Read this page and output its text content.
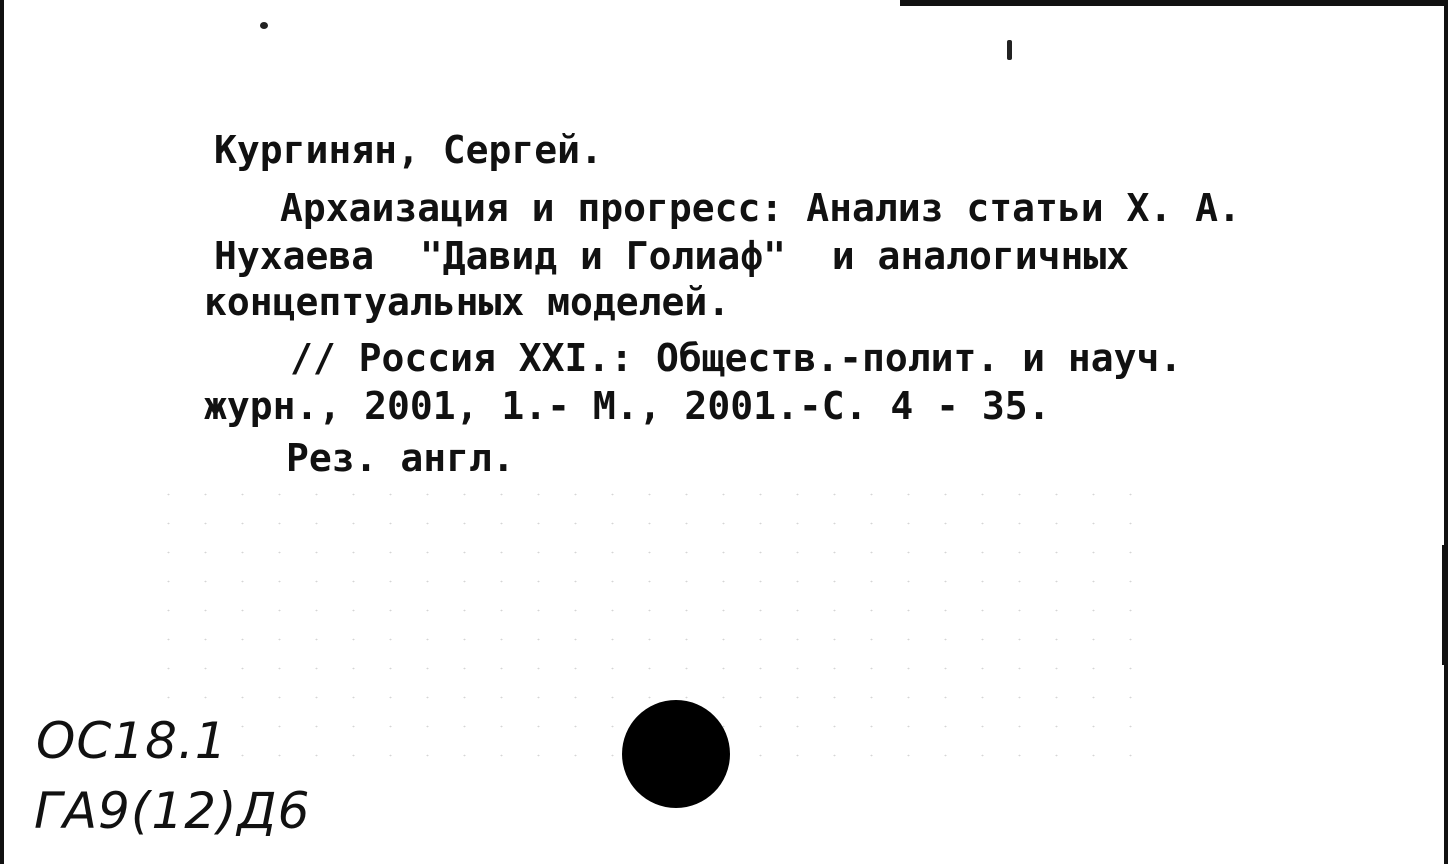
Кургинян, Сергей.

Архаизация и прогресс: Анализ статьи Х. А.

Нухаева  "Давид и Голиаф"  и аналогичных

концептуальных моделей.

// Россия XXI.: Обществ.-полит. и науч.

журн., 2001, 1.- М., 2001.-С. 4 - 35.

Рез. англ.

ОС18.1
ГА9(12)Д6
